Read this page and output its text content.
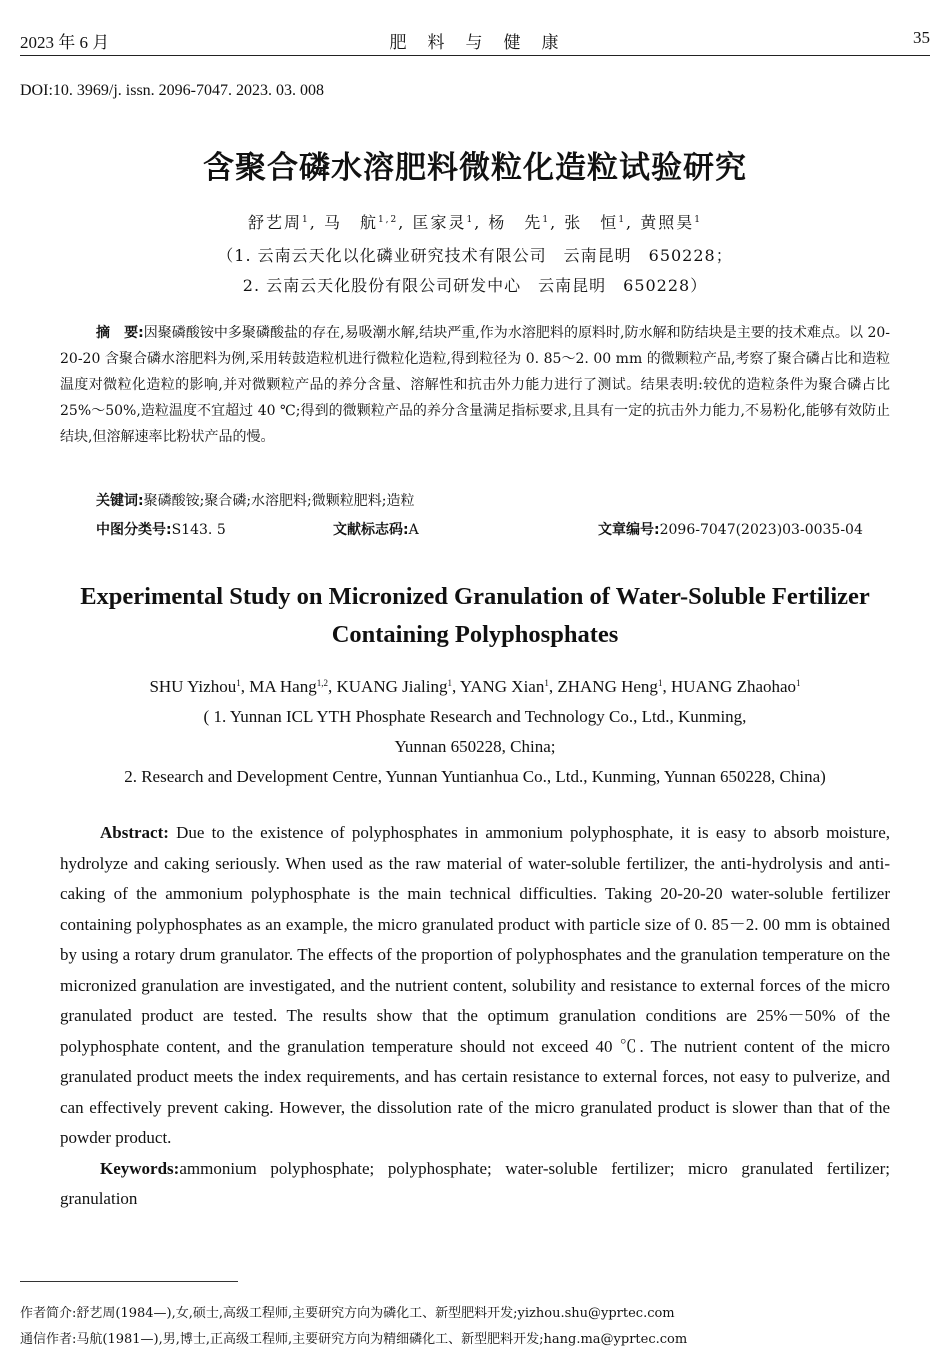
2023 年 6 月	肥　料　与　健　康	35
DOI:10. 3969/j. issn. 2096-7047. 2023. 03. 008
含聚合磷水溶肥料微粒化造粒试验研究
舒艺周$^1$, 马　航$^{1,2}$, 匡家灵$^1$, 杨　先$^1$, 张　恒$^1$, 黄照昊$^1$
（1. 云南云天化以化磷业研究技术有限公司　云南昆明　650228；
2. 云南云天化股份有限公司研发中心　云南昆明　650228）
摘　要:因聚磷酸铵中多聚磷酸盐的存在,易吸潮水解,结块严重,作为水溶肥料的原料时,防水解和防结块是主要的技术难点。以 20-20-20 含聚合磷水溶肥料为例,采用转鼓造粒机进行微粒化造粒,得到粒径为 0. 85～2. 00 mm 的微颗粒产品,考察了聚合磷占比和造粒温度对微粒化造粒的影响,并对微颗粒产品的养分含量、溶解性和抗击外力能力进行了测试。结果表明:较优的造粒条件为聚合磷占比 25%～50%,造粒温度不宜超过 40 ℃;得到的微颗粒产品的养分含量满足指标要求,且具有一定的抗击外力能力,不易粉化,能够有效防止结块,但溶解速率比粉状产品的慢。
关键词:聚磷酸铵;聚合磷;水溶肥料;微颗粒肥料;造粒
中图分类号:S143. 5	文献标志码:A	文章编号:2096-7047(2023)03-0035-04
Experimental Study on Micronized Granulation of Water-Soluble Fertilizer
Containing Polyphosphates
SHU Yizhou$^1$, MA Hang$^{1,2}$, KUANG Jialing$^1$, YANG Xian$^1$, ZHANG Heng$^1$, HUANG Zhaohao$^1$
( 1. Yunnan ICL YTH Phosphate Research and Technology Co., Ltd., Kunming,
Yunnan 650228, China;
2. Research and Development Centre, Yunnan Yuntianhua Co., Ltd., Kunming, Yunnan 650228, China)
Abstract: Due to the existence of polyphosphates in ammonium polyphosphate, it is easy to absorb moisture, hydrolyze and caking seriously. When used as the raw material of water-soluble fertilizer, the anti-hydrolysis and anti-caking of the ammonium polyphosphate is the main technical difficulties. Taking 20-20-20 water-soluble fertilizer containing polyphosphates as an example, the micro granulated product with particle size of 0. 85－2. 00 mm is obtained by using a rotary drum granulator. The effects of the proportion of polyphosphates and the granulation temperature on the micronized granulation are investigated, and the nutrient content, solubility and resistance to external forces of the micro granulated product are tested. The results show that the optimum granulation conditions are 25%－50% of the polyphosphate content, and the granulation temperature should not exceed 40 ℃. The nutrient content of the micro granulated product meets the index requirements, and has certain resistance to external forces, not easy to pulverize, and can effectively prevent caking. However, the dissolution rate of the micro granulated product is slower than that of the powder product.
Keywords:ammonium polyphosphate; polyphosphate; water-soluble fertilizer; micro granulated fertilizer; granulation
作者简介:舒艺周(1984—),女,硕士,高级工程师,主要研究方向为磷化工、新型肥料开发;yizhou.shu@yprtec.com
通信作者:马航(1981—),男,博士,正高级工程师,主要研究方向为精细磷化工、新型肥料开发;hang.ma@yprtec.com
